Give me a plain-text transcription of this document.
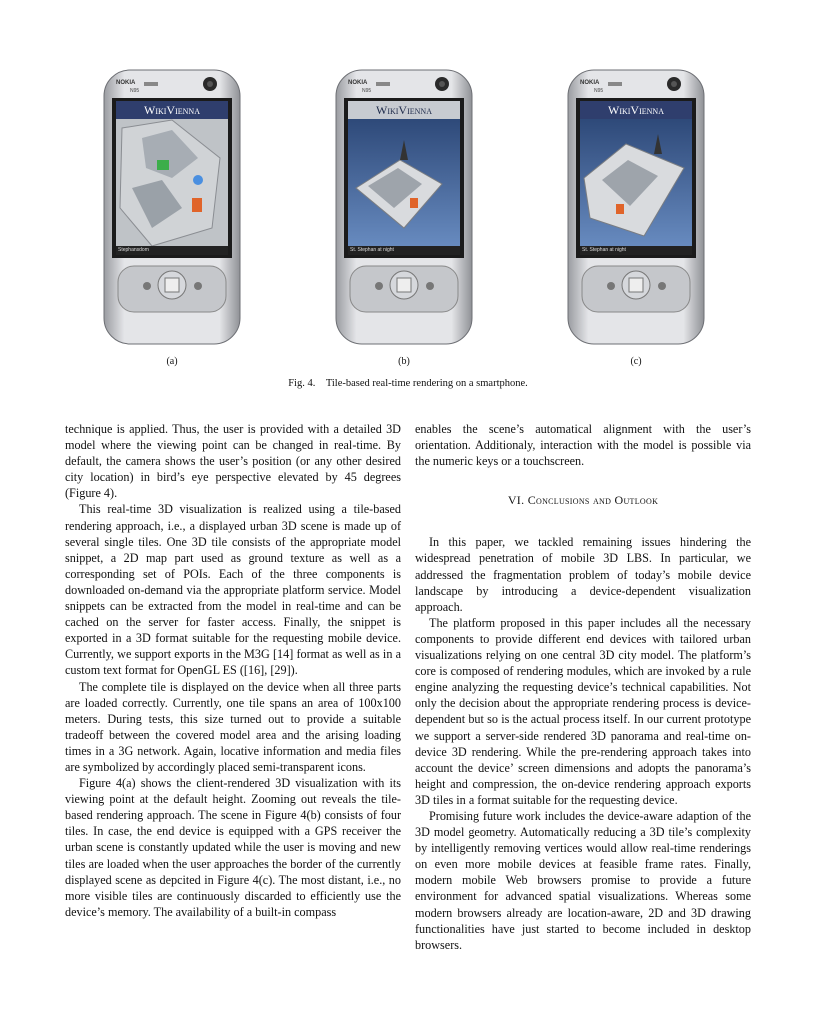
NOKIA	NOKIA	NOKIA
N95	N95	N95
WikiVienna	WikiVienna	WikiVienna
Stephansdom	St. Stephan at night	St. Stephan at night
(a)	(b)	(c)
Fig. 4. Tile-based real-time rendering on a smartphone.

technique is applied. Thus, the user is provided with a detailed 3D model where the viewing point can be changed in real-time. By default, the camera shows the user’s position (or any other desired city location) in bird’s eye perspective elevated by 45 degrees (Figure 4).

This real-time 3D visualization is realized using a tile-based rendering approach, i.e., a displayed urban 3D scene is made up of several single tiles. One 3D tile consists of the appropriate model snippet, a 2D map part used as ground texture as well as a corresponding set of POIs. Each of the three components is downloaded on-demand via the appropriate platform service. Model snippets can be extracted from the model in real-time and can be cached on the server for faster access. Finally, the snippet is exported in a 3D format suitable for the requesting mobile device. Currently, we support exports in the M3G [14] format as well as in a custom text format for OpenGL ES ([16], [29]).

The complete tile is displayed on the device when all three parts are loaded correctly. Currently, one tile spans an area of 100x100 meters. During tests, this size turned out to provide a suitable tradeoff between the covered model area and the arising loading times in a 3G network. Again, locative information and media files are symbolized by accordingly placed semi-transparent icons.

Figure 4(a) shows the client-rendered 3D visualization with its viewing point at the default height. Zooming out reveals the tile-based rendering approach. The scene in Figure 4(b) consists of four tiles. In case, the end device is equipped with a GPS receiver the urban scene is constantly updated while the user is moving and new tiles are loaded when the user approaches the border of the currently displayed scene as depcited in Figure 4(c). The most distant, i.e., no more visible tiles are continuously discarded to efficiently use the device’s memory. The availability of a built-in compass

enables the scene’s automatical alignment with the user’s orientation. Additionaly, interaction with the model is possible via the numeric keys or a touchscreen.

VI. Conclusions and Outlook

In this paper, we tackled remaining issues hindering the widespread penetration of mobile 3D LBS. In particular, we addressed the fragmentation problem of today’s mobile device landscape by introducing a device-dependent visualization approach.

The platform proposed in this paper includes all the necessary components to provide different end devices with tailored urban visualizations relying on one central 3D city model. The platform’s core is composed of rendering modules, which are invoked by a rule engine analyzing the requesting device’s technical capabilities. Not only the decision about the appropriate rendering process is device-dependent but so is the actual process itself. In our current prototype we support a server-side rendered 3D panorama and real-time on-device 3D rendering. While the pre-rendering approach takes into account the device’ screen dimensions and adopts the panorama’s height and compression, the on-device rendering approach exports 3D tiles in a format suitable for the requesting device.

Promising future work includes the device-aware adaption of the 3D model geometry. Automatically reducing a 3D tile’s complexity by intelligently removing vertices would allow real-time renderings on even more mobile devices at feasible frame rates. Finally, modern mobile Web browsers promise to provide a future environment for advanced spatial visualizations. Whereas some modern browsers already are location-aware, 2D and 3D drawing functionalities have just started to become included in desktop browsers.
